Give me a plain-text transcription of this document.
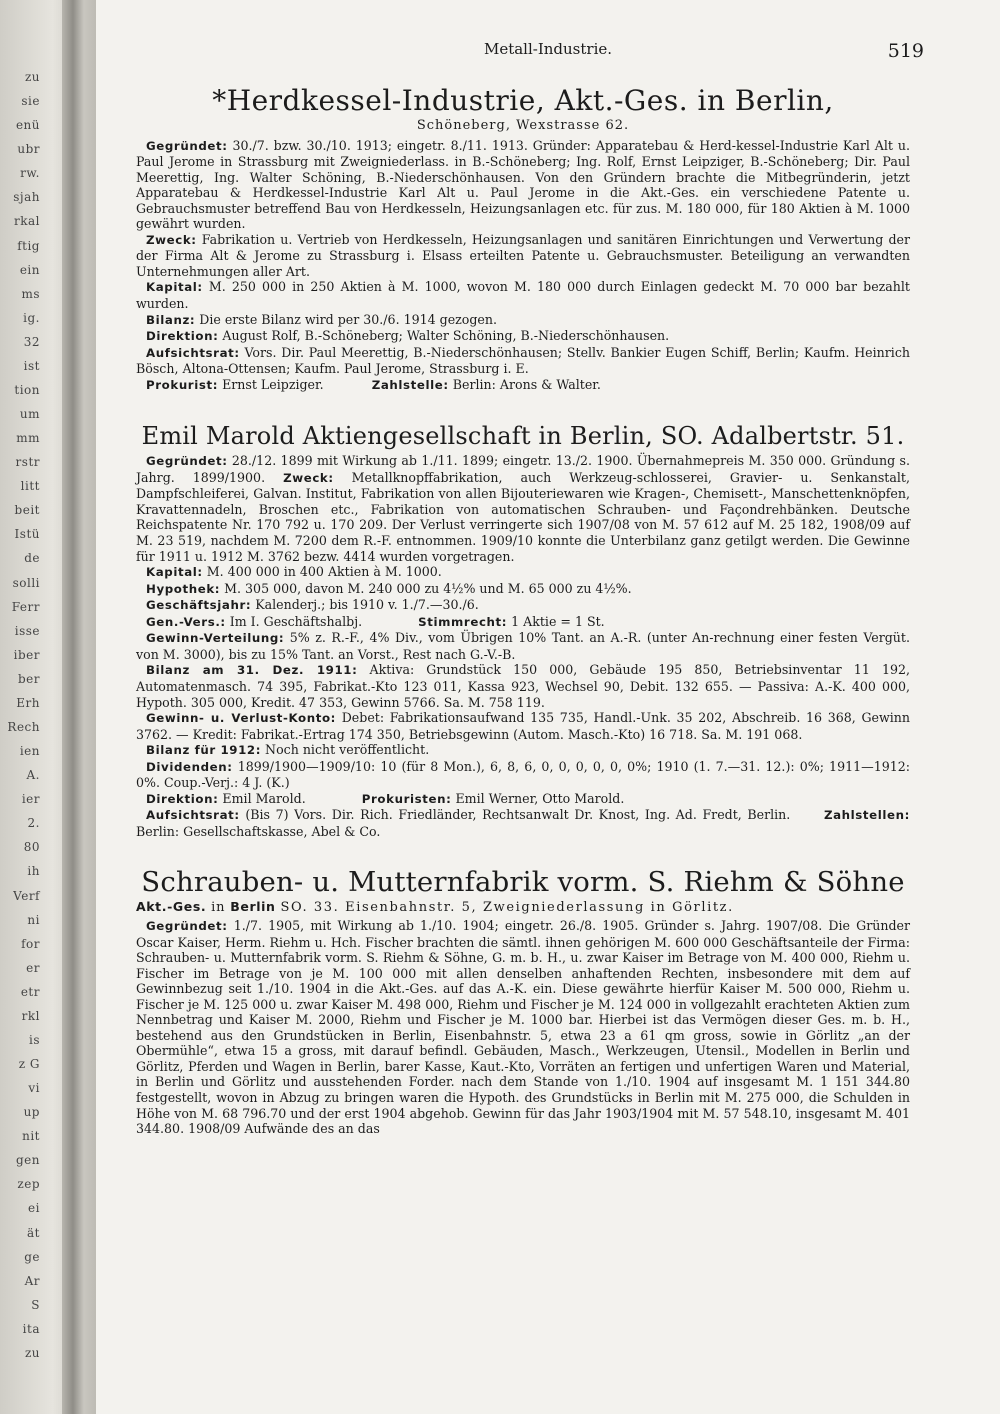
zu
sie
enü
ubr
rw.
sjah
rkal
ftig
ein
ms
ig.
32
ist
tion
um
mm
rstr
litt
beit
Istü
de
solli
Ferr
isse
iber
ber
Erh
Rech
ien
A.
ier
2.
80
ih
Verf
ni
for
er
etr
rkl
is
z G
vi
up
nit
gen
zep
ei
ät
ge
Ar
S
ita
zu
Metall-Industrie.	519
*Herdkessel-Industrie, Akt.-Ges. in Berlin,
Schöneberg, Wexstrasse 62.

Gegründet: 30./7. bzw. 30./10. 1913; eingetr. 8./11. 1913. Gründer: Apparatebau & Herd-kessel-Industrie Karl Alt u. Paul Jerome in Strassburg mit Zweigniederlass. in B.-Schöneberg; Ing. Rolf, Ernst Leipziger, B.-Schöneberg; Dir. Paul Meerettig, Ing. Walter Schöning, B.-Niederschönhausen. Von den Gründern brachte die Mitbegründerin, jetzt Apparatebau & Herdkessel-Industrie Karl Alt u. Paul Jerome in die Akt.-Ges. ein verschiedene Patente u. Gebrauchsmuster betreffend Bau von Herdkesseln, Heizungsanlagen etc. für zus. M. 180 000, für 180 Aktien à M. 1000 gewährt wurden.

Zweck: Fabrikation u. Vertrieb von Herdkesseln, Heizungsanlagen und sanitären Einrichtungen und Verwertung der der Firma Alt & Jerome zu Strassburg i. Elsass erteilten Patente u. Gebrauchsmuster. Beteiligung an verwandten Unternehmungen aller Art.

Kapital: M. 250 000 in 250 Aktien à M. 1000, wovon M. 180 000 durch Einlagen gedeckt M. 70 000 bar bezahlt wurden.

Bilanz: Die erste Bilanz wird per 30./6. 1914 gezogen.

Direktion: August Rolf, B.-Schöneberg; Walter Schöning, B.-Niederschönhausen.

Aufsichtsrat: Vors. Dir. Paul Meerettig, B.-Niederschönhausen; Stellv. Bankier Eugen Schiff, Berlin; Kaufm. Heinrich Bösch, Altona-Ottensen; Kaufm. Paul Jerome, Strassburg i. E.

Prokurist: Ernst Leipziger.	Zahlstelle: Berlin: Arons & Walter.

Emil Marold Aktiengesellschaft in Berlin, SO. Adalbertstr. 51.

Gegründet: 28./12. 1899 mit Wirkung ab 1./11. 1899; eingetr. 13./2. 1900. Übernahmepreis M. 350 000. Gründung s. Jahrg. 1899/1900. Zweck: Metallknopffabrikation, auch Werkzeug-schlosserei, Gravier- u. Senkanstalt, Dampfschleiferei, Galvan. Institut, Fabrikation von allen Bijouteriewaren wie Kragen-, Chemisett-, Manschettenknöpfen, Kravattennadeln, Broschen etc., Fabrikation von automatischen Schrauben- und Façondrehbänken. Deutsche Reichspatente Nr. 170 792 u. 170 209. Der Verlust verringerte sich 1907/08 von M. 57 612 auf M. 25 182, 1908/09 auf M. 23 519, nachdem M. 7200 dem R.-F. entnommen. 1909/10 konnte die Unterbilanz ganz getilgt werden. Die Gewinne für 1911 u. 1912 M. 3762 bezw. 4414 wurden vorgetragen.

Kapital: M. 400 000 in 400 Aktien à M. 1000.

Hypothek: M. 305 000, davon M. 240 000 zu 4½% und M. 65 000 zu 4½%.

Geschäftsjahr: Kalenderj.; bis 1910 v. 1./7.—30./6.

Gen.-Vers.: Im I. Geschäftshalbj.	Stimmrecht: 1 Aktie = 1 St.

Gewinn-Verteilung: 5% z. R.-F., 4% Div., vom Übrigen 10% Tant. an A.-R. (unter An-rechnung einer festen Vergüt. von M. 3000), bis zu 15% Tant. an Vorst., Rest nach G.-V.-B.

Bilanz am 31. Dez. 1911: Aktiva: Grundstück 150 000, Gebäude 195 850, Betriebsinventar 11 192, Automatenmasch. 74 395, Fabrikat.-Kto 123 011, Kassa 923, Wechsel 90, Debit. 132 655. — Passiva: A.-K. 400 000, Hypoth. 305 000, Kredit. 47 353, Gewinn 5766. Sa. M. 758 119.

Gewinn- u. Verlust-Konto: Debet: Fabrikationsaufwand 135 735, Handl.-Unk. 35 202, Abschreib. 16 368, Gewinn 3762. — Kredit: Fabrikat.-Ertrag 174 350, Betriebsgewinn (Autom. Masch.-Kto) 16 718. Sa. M. 191 068.

Bilanz für 1912: Noch nicht veröffentlicht.

Dividenden: 1899/1900—1909/10: 10 (für 8 Mon.), 6, 8, 6, 0, 0, 0, 0, 0, 0%; 1910 (1. 7.—31. 12.): 0%; 1911—1912: 0%. Coup.-Verj.: 4 J. (K.)

Direktion: Emil Marold.	Prokuristen: Emil Werner, Otto Marold.

Aufsichtsrat: (Bis 7) Vors. Dir. Rich. Friedländer, Rechtsanwalt Dr. Knost, Ing. Ad. Fredt, Berlin.	Zahlstellen: Berlin: Gesellschaftskasse, Abel & Co.

Schrauben- u. Mutternfabrik vorm. S. Riehm & Söhne
Akt.-Ges. in Berlin SO. 33. Eisenbahnstr. 5, Zweigniederlassung in Görlitz.

Gegründet: 1./7. 1905, mit Wirkung ab 1./10. 1904; eingetr. 26./8. 1905. Gründer s. Jahrg. 1907/08. Die Gründer Oscar Kaiser, Herm. Riehm u. Hch. Fischer brachten die sämtl. ihnen gehörigen M. 600 000 Geschäftsanteile der Firma: Schrauben- u. Mutternfabrik vorm. S. Riehm & Söhne, G. m. b. H., u. zwar Kaiser im Betrage von M. 400 000, Riehm u. Fischer im Betrage von je M. 100 000 mit allen denselben anhaftenden Rechten, insbesondere mit dem auf Gewinnbezug seit 1./10. 1904 in die Akt.-Ges. auf das A.-K. ein. Diese gewährte hierfür Kaiser M. 500 000, Riehm u. Fischer je M. 125 000 u. zwar Kaiser M. 498 000, Riehm und Fischer je M. 124 000 in vollgezahlt erachteten Aktien zum Nennbetrag und Kaiser M. 2000, Riehm und Fischer je M. 1000 bar. Hierbei ist das Vermögen dieser Ges. m. b. H., bestehend aus den Grundstücken in Berlin, Eisenbahnstr. 5, etwa 23 a 61 qm gross, sowie in Görlitz „an der Obermühle“, etwa 15 a gross, mit darauf befindl. Gebäuden, Masch., Werkzeugen, Utensil., Modellen in Berlin und Görlitz, Pferden und Wagen in Berlin, barer Kasse, Kaut.-Kto, Vorräten an fertigen und unfertigen Waren und Material, in Berlin und Görlitz und ausstehenden Forder. nach dem Stande von 1./10. 1904 auf insgesamt M. 1 151 344.80 festgestellt, wovon in Abzug zu bringen waren die Hypoth. des Grundstücks in Berlin mit M. 275 000, die Schulden in Höhe von M. 68 796.70 und der erst 1904 abgehob. Gewinn für das Jahr 1903/1904 mit M. 57 548.10, insgesamt M. 401 344.80. 1908/09 Aufwände des an das
